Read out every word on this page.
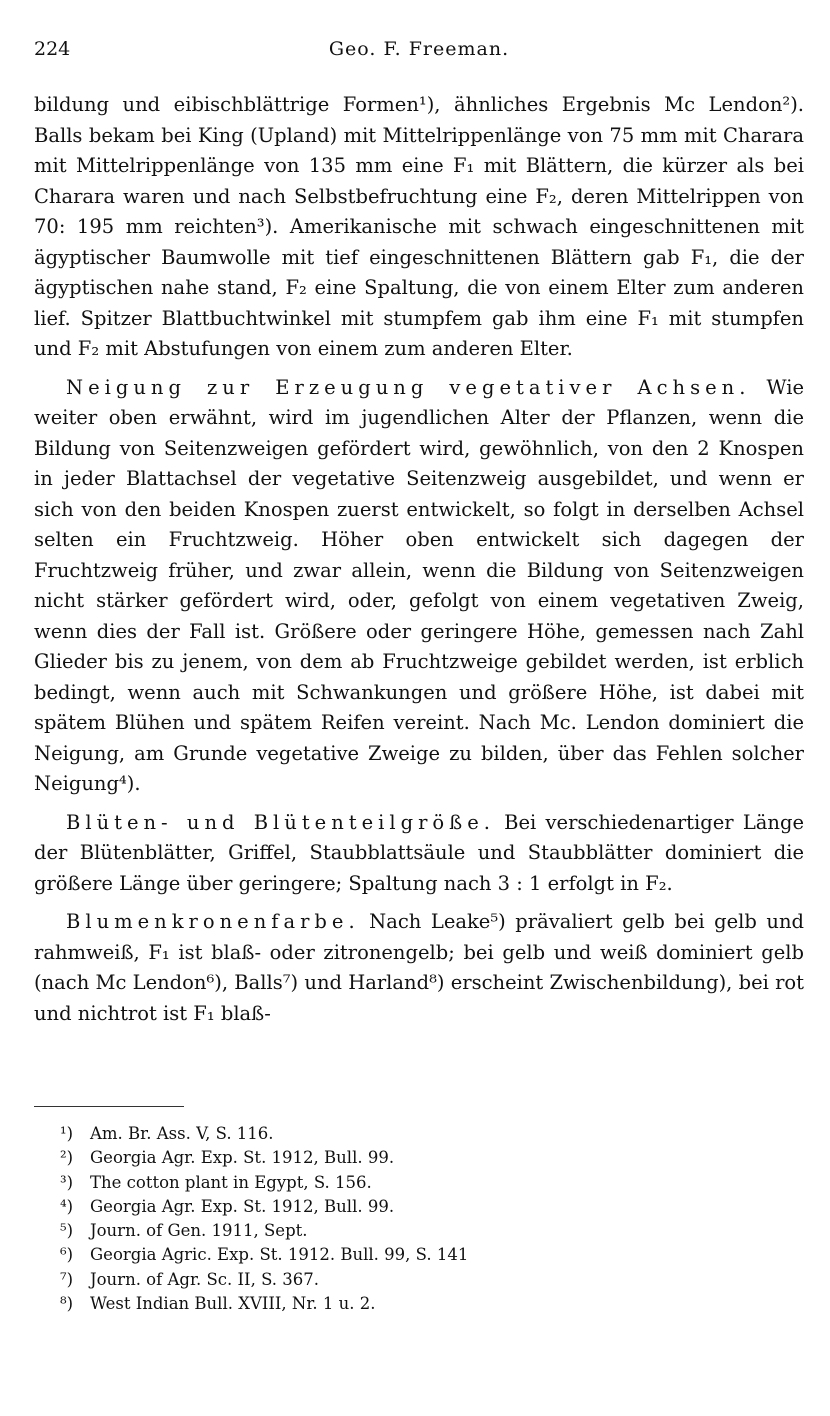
224	Geo. F. Freeman.

bildung und eibischblättrige Formen¹), ähnliches Ergebnis Mc Lendon²). Balls bekam bei King (Upland) mit Mittelrippenlänge von 75 mm mit Charara mit Mittelrippenlänge von 135 mm eine F₁ mit Blättern, die kürzer als bei Charara waren und nach Selbstbefruchtung eine F₂, deren Mittelrippen von 70: 195 mm reichten³). Amerikanische mit schwach eingeschnittenen mit ägyptischer Baumwolle mit tief eingeschnittenen Blättern gab F₁, die der ägyptischen nahe stand, F₂ eine Spaltung, die von einem Elter zum anderen lief. Spitzer Blattbuchtwinkel mit stumpfem gab ihm eine F₁ mit stumpfen und F₂ mit Abstufungen von einem zum anderen Elter.

Neigung zur Erzeugung vegetativer Achsen. Wie weiter oben erwähnt, wird im jugendlichen Alter der Pflanzen, wenn die Bildung von Seitenzweigen gefördert wird, gewöhnlich, von den 2 Knospen in jeder Blattachsel der vegetative Seitenzweig ausgebildet, und wenn er sich von den beiden Knospen zuerst entwickelt, so folgt in derselben Achsel selten ein Fruchtzweig. Höher oben entwickelt sich dagegen der Fruchtzweig früher, und zwar allein, wenn die Bildung von Seitenzweigen nicht stärker gefördert wird, oder, gefolgt von einem vegetativen Zweig, wenn dies der Fall ist. Größere oder geringere Höhe, gemessen nach Zahl Glieder bis zu jenem, von dem ab Fruchtzweige gebildet werden, ist erblich bedingt, wenn auch mit Schwankungen und größere Höhe, ist dabei mit spätem Blühen und spätem Reifen vereint. Nach Mc. Lendon dominiert die Neigung, am Grunde vegetative Zweige zu bilden, über das Fehlen solcher Neigung⁴).

Blüten- und Blütenteilgröße. Bei verschiedenartiger Länge der Blütenblätter, Griffel, Staubblattsäule und Staubblätter dominiert die größere Länge über geringere; Spaltung nach 3 : 1 erfolgt in F₂.

Blumenkronenfarbe. Nach Leake⁵) prävaliert gelb bei gelb und rahmweiß, F₁ ist blaß- oder zitronengelb; bei gelb und weiß dominiert gelb (nach Mc Lendon⁶), Balls⁷) und Harland⁸) erscheint Zwischenbildung), bei rot und nichtrot ist F₁ blaß-

¹) Am. Br. Ass. V, S. 116.
²) Georgia Agr. Exp. St. 1912, Bull. 99.
³) The cotton plant in Egypt, S. 156.
⁴) Georgia Agr. Exp. St. 1912, Bull. 99.
⁵) Journ. of Gen. 1911, Sept.
⁶) Georgia Agric. Exp. St. 1912. Bull. 99, S. 141
⁷) Journ. of Agr. Sc. II, S. 367.
⁸) West Indian Bull. XVIII, Nr. 1 u. 2.
